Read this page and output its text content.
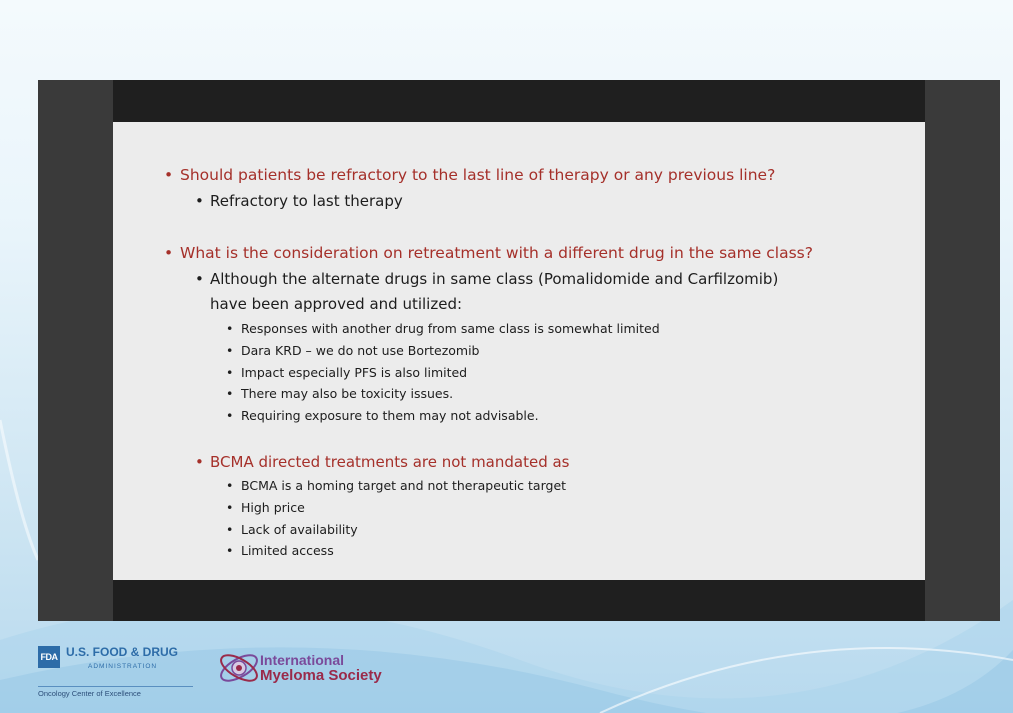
• Should patients be refractory to the last line of therapy or any previous line?
• Refractory to last therapy
• What is the consideration on retreatment with a different drug in the same class?
• Although the alternate drugs in same class (Pomalidomide and Carfilzomib)
have been approved and utilized:
• Responses with another drug from same class is somewhat limited
• Dara KRD – we do not use Bortezomib
• Impact especially PFS is also limited
• There may also be toxicity issues.
• Requiring exposure to them may not advisable.
• BCMA directed treatments are not mandated as
• BCMA is a homing target and not therapeutic target
• High price
• Lack of availability
• Limited access
FDA U.S. FOOD & DRUG
ADMINISTRATION
Oncology Center of Excellence
International
Myeloma Society
